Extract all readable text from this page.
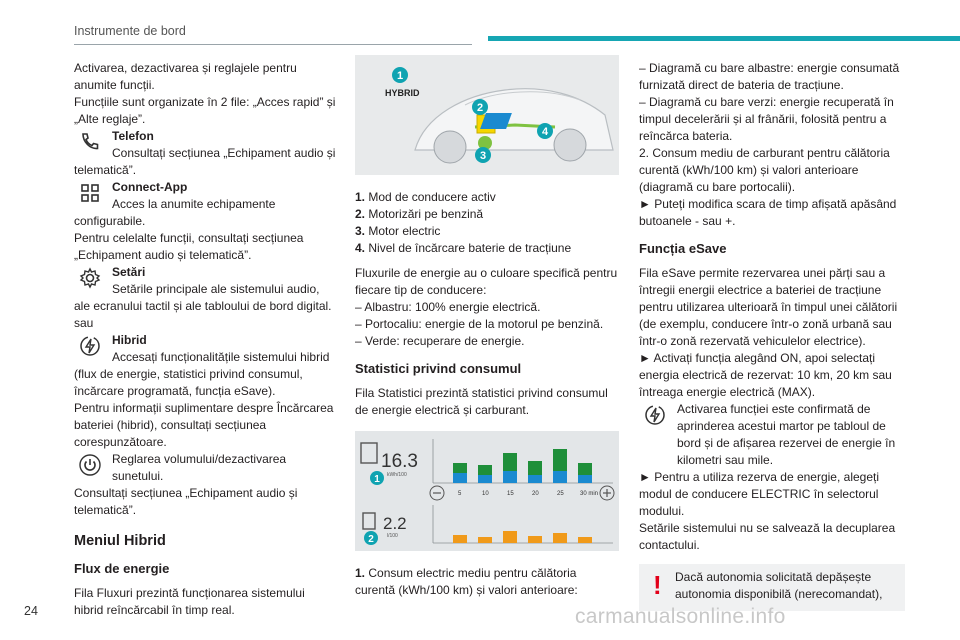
Instrumente de bord

Activarea, dezactivarea și reglajele pentru anumite funcții.

Funcțiile sunt organizate în 2 file: „Acces rapid” și „Alte reglaje”.

Telefon

Consultați secțiunea „Echipament audio și telematică”.

Connect-App

Acces la anumite echipamente configurabile.

Pentru celelalte funcții, consultați secțiunea „Echipament audio și telematică”.

Setări

Setările principale ale sistemului audio, ale ecranului tactil și ale tabloului de bord digital.

sau

Hibrid

Accesați funcționalitățile sistemului hibrid (flux de energie, statistici privind consumul, încărcare programată, funcția eSave).

Pentru informații suplimentare despre Încărcarea bateriei (hibrid), consultați secțiunea corespunzătoare.

Reglarea volumului/dezactivarea sunetului.

Consultați secțiunea „Echipament audio și telematică”.

Meniul Hibrid
Flux de energie

Fila Fluxuri prezintă funcționarea sistemului hibrid reîncărcabil în timp real.

1
HYBRID
2
3
4

1. Mod de conducere activ

2. Motorizări pe benzină

3. Motor electric

4. Nivel de încărcare baterie de tracțiune

Fluxurile de energie au o culoare specifică pentru fiecare tip de conducere:

– Albastru: 100% energie electrică.

– Portocaliu: energie de la motorul pe benzină.

– Verde: recuperare de energie.

Statistici privind consumul

Fila Statistici prezintă statistici privind consumul de energie electrică și carburant.

16.3
kWh/100
1
2.2
l/100
2
5	10	15	20	25	30 min

1. Consum electric mediu pentru călătoria curentă (kWh/100 km) și valori anterioare:

– Diagramă cu bare albastre: energie consumată furnizată direct de bateria de tracțiune.

– Diagramă cu bare verzi: energie recuperată în timpul decelerării și al frânării, folosită pentru a reîncărca bateria.

2. Consum mediu de carburant pentru călătoria curentă (kWh/100 km) și valori anterioare (diagramă cu bare portocalii).

► Puteți modifica scara de timp afișată apăsând butoanele - sau +.

Funcția eSave

Fila eSave permite rezervarea unei părți sau a întregii energii electrice a bateriei de tracțiune pentru utilizarea ulterioară în timpul unei călătorii (de exemplu, conducere într-o zonă urbană sau într-o zonă rezervată vehiculelor electrice).

► Activați funcția alegând ON, apoi selectați energia electrică de rezervat: 10 km, 20 km sau întreaga energie electrică (MAX).

Activarea funcției este confirmată de aprinderea acestui martor pe tabloul de bord și de afișarea rezervei de energie în kilometri sau mile.

► Pentru a utiliza rezerva de energie, alegeți modul de conducere ELECTRIC în selectorul modului.

Setările sistemului nu se salvează la decuplarea contactului.

! Dacă autonomia solicitată depășește autonomia disponibilă (nerecomandat),
24	carmanualsonline.info
